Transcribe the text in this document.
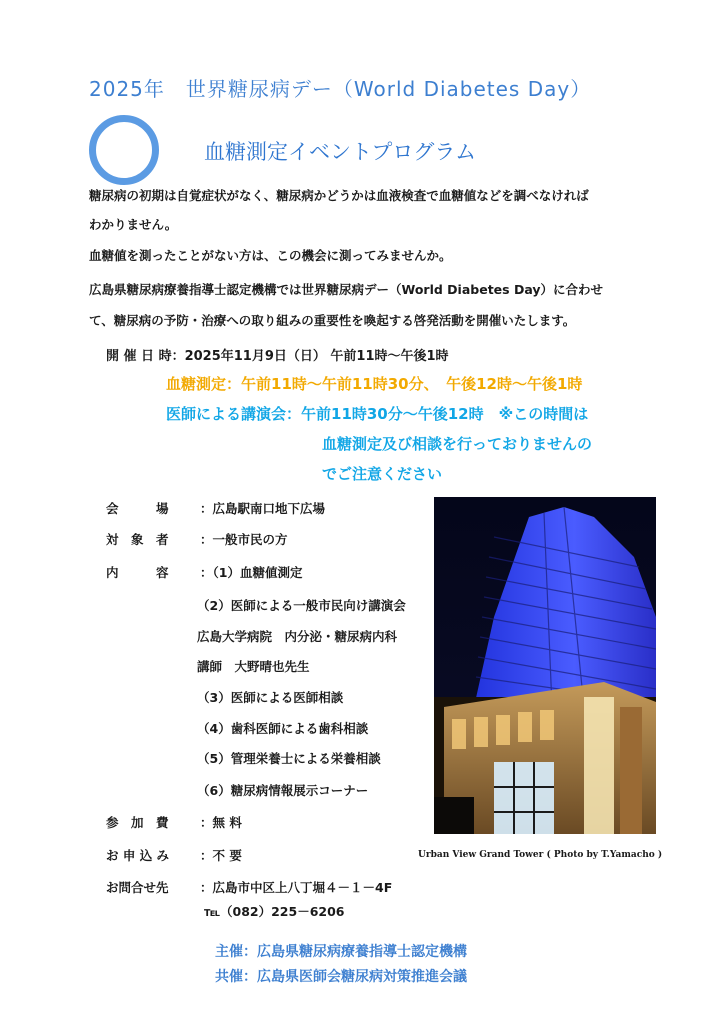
2025年　世界糖尿病デー（World Diabetes Day）
血糖測定イベントプログラム
糖尿病の初期は自覚症状がなく、糖尿病かどうかは血液検査で血糖値などを調べなければ
わかりません。
血糖値を測ったことがない方は、この機会に測ってみませんか。
広島県糖尿病療養指導士認定機構では世界糖尿病デー（World Diabetes Day）に合わせ
て、糖尿病の予防・治療への取り組みの重要性を喚起する啓発活動を開催いたします。
開 催 日 時：2025年11月9日（日） 午前11時～午後1時
血糖測定：午前11時～午前11時30分、　午後12時～午後1時
医師による講演会：午前11時30分～午後12時　※この時間は
血糖測定及び相談を行っておりませんの
でご注意ください
会　　　場	：広島駅南口地下広場
対　象　者	：一般市民の方
内　　　容	：（1）血糖値測定
（2）医師による一般市民向け講演会
広島大学病院　内分泌・糖尿病内科
講師　大野晴也先生
（3）医師による医師相談
（4）歯科医師による歯科相談
（5）管理栄養士による栄養相談
（6）糖尿病情報展示コーナー
参　加　費	：無 料
お 申 込 み ：不 要
お問合せ先	：広島市中区上八丁堀４－１－4F
℡（082）225－6206
Urban View Grand Tower ( Photo by T.Yamacho )
主催：広島県糖尿病療養指導士認定機構
共催：広島県医師会糖尿病対策推進会議
